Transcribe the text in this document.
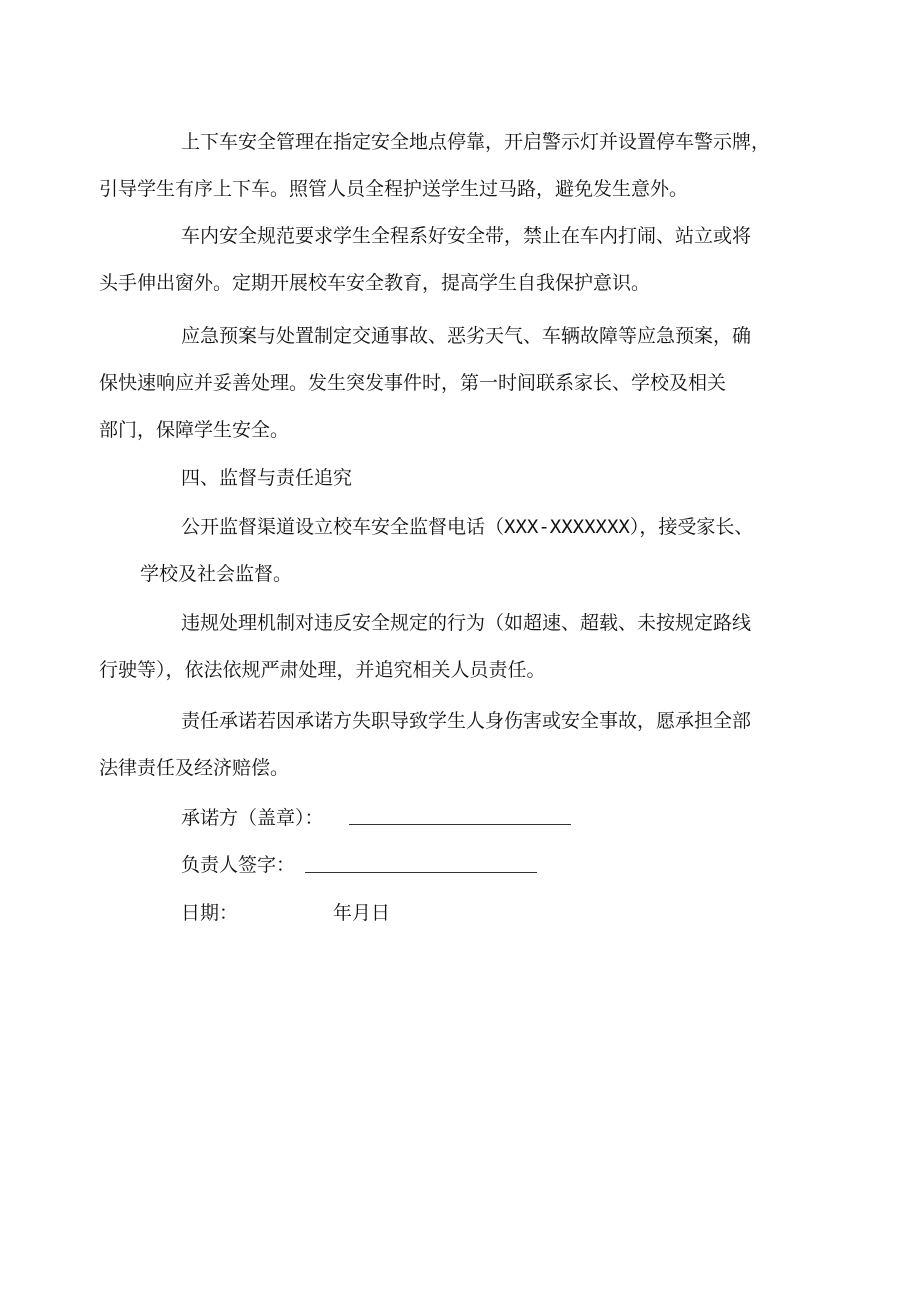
上下车安全管理在指定安全地点停靠，开启警示灯并设置停车警示牌，
引导学生有序上下车。照管人员全程护送学生过马路，避免发生意外。

车内安全规范要求学生全程系好安全带，禁止在车内打闹、站立或将
头手伸出窗外。定期开展校车安全教育，提高学生自我保护意识。

应急预案与处置制定交通事故、恶劣天气、车辆故障等应急预案，确
保快速响应并妥善处理。发生突发事件时，第一时间联系家长、学校及相关
部门，保障学生安全。

四、监督与责任追究

公开监督渠道设立校车安全监督电话（XXX-XXXXXXX），接受家长、

学校及社会监督。

违规处理机制对违反安全规定的行为（如超速、超载、未按规定路线
行驶等），依法依规严肃处理，并追究相关人员责任。

责任承诺若因承诺方失职导致学生人身伤害或安全事故，愿承担全部
法律责任及经济赔偿。

承诺方（盖章）：

负责人签字：

日期：	年月日
